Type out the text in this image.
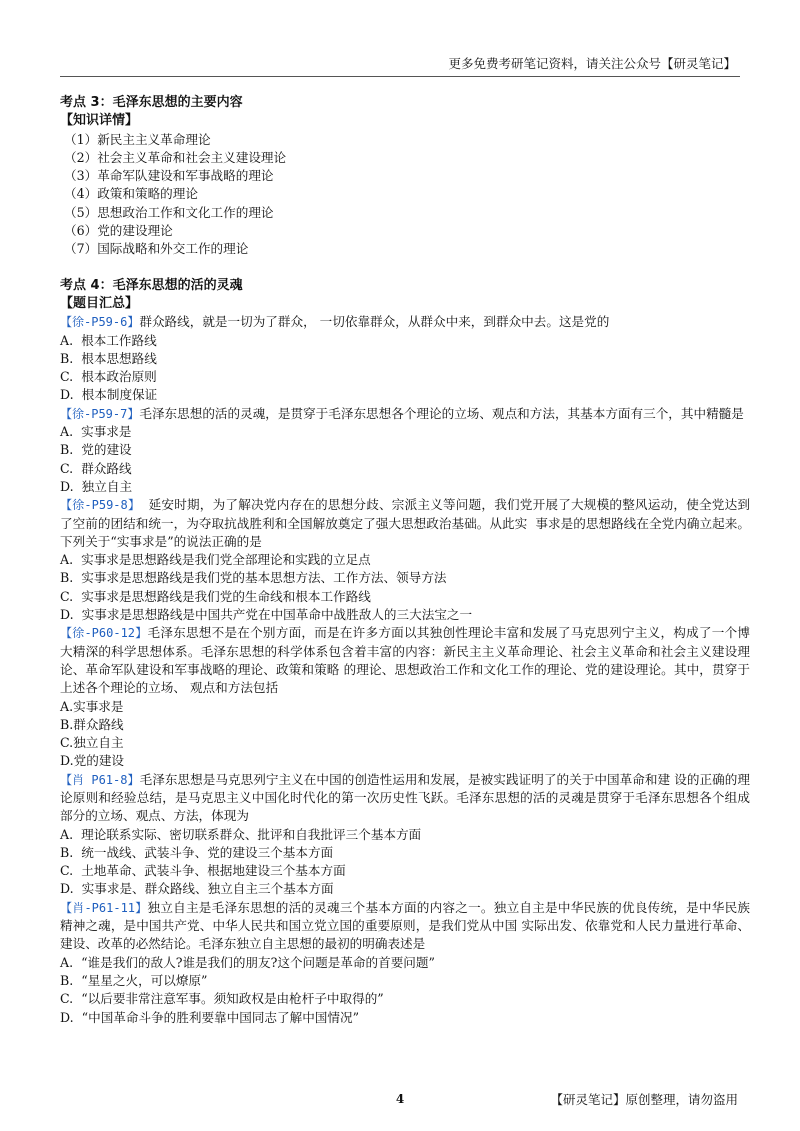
更多免费考研笔记资料，请关注公众号【研灵笔记】
考点 3：毛泽东思想的主要内容
【知识详情】
（1）新民主主义革命理论
（2）社会主义革命和社会主义建设理论
（3）革命军队建设和军事战略的理论
（4）政策和策略的理论
（5）思想政治工作和文化工作的理论
（6）党的建设理论
（7）国际战略和外交工作的理论
考点 4：毛泽东思想的活的灵魂
【题目汇总】
【徐-P59-6】群众路线，就是一切为了群众， 一切依靠群众，从群众中来，到群众中去。这是党的
A.  根本工作路线
B.  根本思想路线
C.  根本政治原则
D.  根本制度保证
【徐-P59-7】毛泽东思想的活的灵魂，是贯穿于毛泽东思想各个理论的立场、观点和方法，其基本方面有三个，其中精髓是
A.  实事求是
B.  党的建设
C.  群众路线
D.  独立自主
【徐-P59-8】  延安时期，为了解决党内存在的思想分歧、宗派主义等问题，我们党开展了大规模的整风运动，使全党达到了空前的团结和统一，为夺取抗战胜利和全国解放奠定了强大思想政治基础。从此实  事求是的思想路线在全党内确立起来。下列关于“实事求是”的说法正确的是
A.  实事求是思想路线是我们党全部理论和实践的立足点
B.  实事求是思想路线是我们党的基本思想方法、工作方法、领导方法
C.  实事求是思想路线是我们党的生命线和根本工作路线
D.  实事求是思想路线是中国共产党在中国革命中战胜敌人的三大法宝之一
【徐-P60-12】毛泽东思想不是在个别方面，而是在许多方面以其独创性理论丰富和发展了马克思列宁主义，构成了一个博大精深的科学思想体系。毛泽东思想的科学体系包含着丰富的内容：新民主主义革命理论、社会主义革命和社会主义建设理论、革命军队建设和军事战略的理论、政策和策略 的理论、思想政治工作和文化工作的理论、党的建设理论。其中，贯穿于上述各个理论的立场、 观点和方法包括
A.实事求是
B.群众路线
C.独立自主
D.党的建设
【肖 P61-8】毛泽东思想是马克思列宁主义在中国的创造性运用和发展，是被实践证明了的关于中国革命和建 设的正确的理论原则和经验总结，是马克思主义中国化时代化的第一次历史性飞跃。毛泽东思想的活的灵魂是贯穿于毛泽东思想各个组成部分的立场、观点、方法，体现为
A.  理论联系实际、密切联系群众、批评和自我批评三个基本方面
B.  统一战线、武装斗争、党的建设三个基本方面
C.  土地革命、武装斗争、根据地建设三个基本方面
D.  实事求是、群众路线、独立自主三个基本方面
【肖-P61-11】独立自主是毛泽东思想的活的灵魂三个基本方面的内容之一。独立自主是中华民族的优良传统，是中华民族精神之魂，是中国共产党、中华人民共和国立党立国的重要原则，是我们党从中国 实际出发、依靠党和人民力量进行革命、建设、改革的必然结论。毛泽东独立自主思想的最初的明确表述是
A.  “谁是我们的敌人?谁是我们的朋友?这个问题是革命的首要问题”
B.  “星星之火，可以燎原”
C.  “以后要非常注意军事。须知政权是由枪杆子中取得的”
D.  “中国革命斗争的胜利要靠中国同志了解中国情况”
4	【研灵笔记】原创整理，请勿盗用
